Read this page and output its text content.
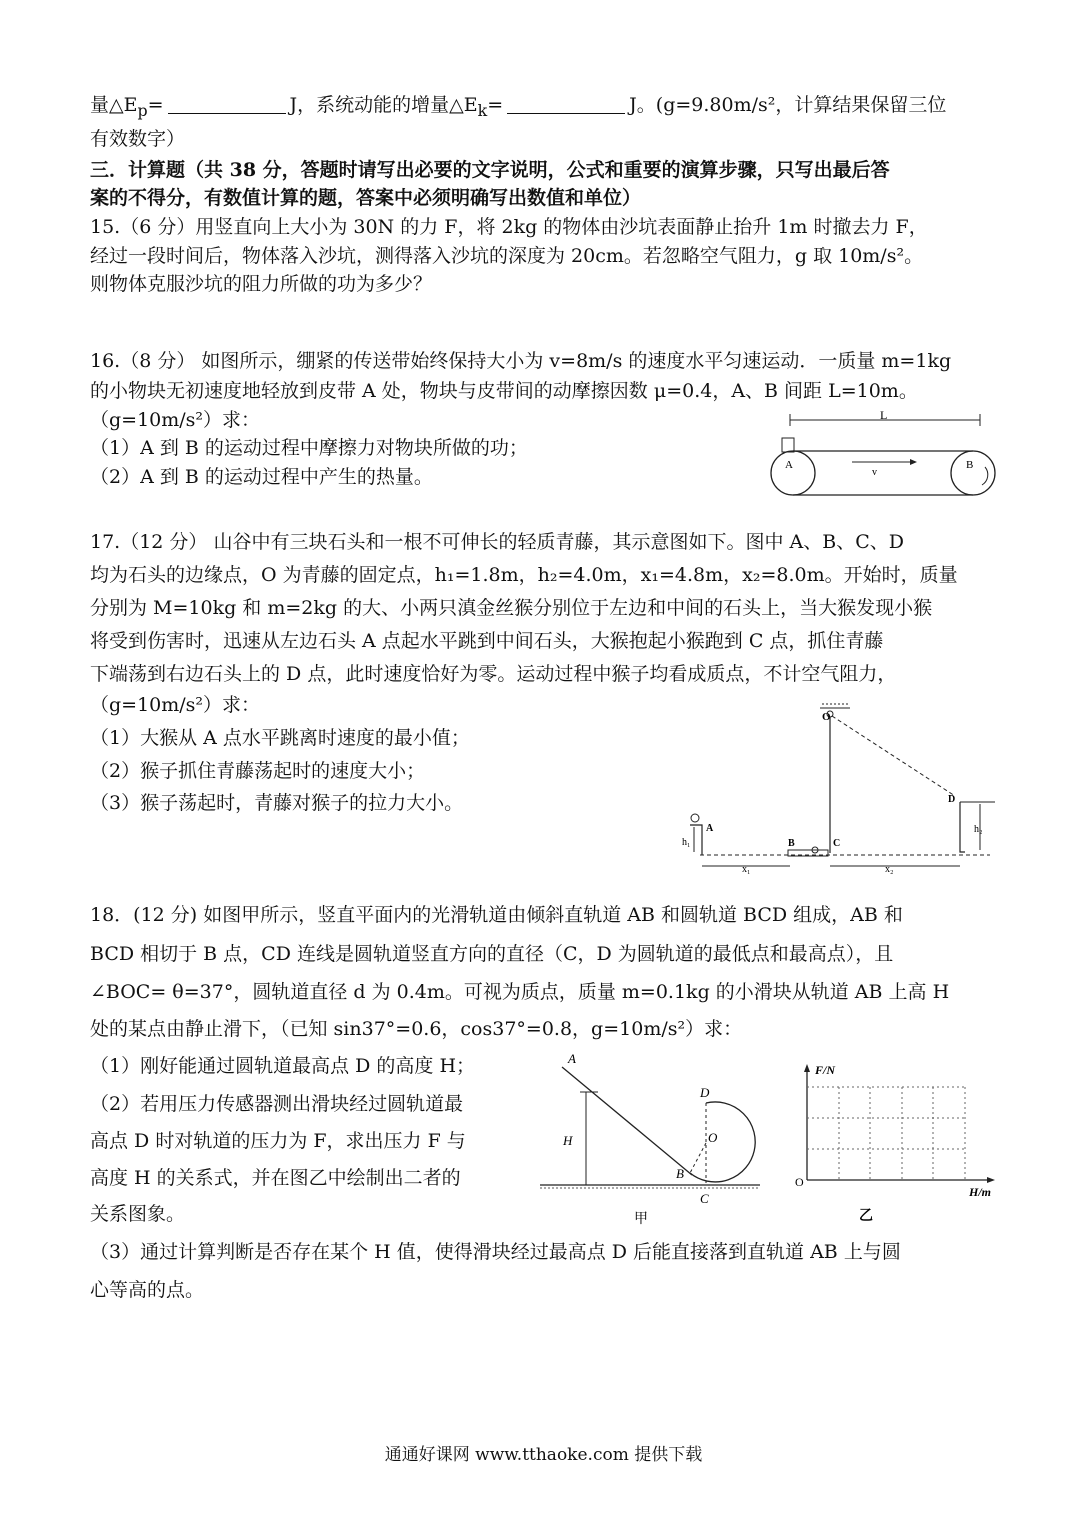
量$\triangle E_p=$	J，系统动能的增量$\triangle E_k=$	J。(g=9.80m/s²，计算结果保留三位
有效数字）
三．计算题（共 38 分，答题时请写出必要的文字说明，公式和重要的演算步骤，只写出最后答
案的不得分，有数值计算的题，答案中必须明确写出数值和单位）
15.（6 分）用竖直向上大小为 30N 的力 F，将 2kg 的物体由沙坑表面静止抬升 1m 时撤去力 F，
经过一段时间后，物体落入沙坑，测得落入沙坑的深度为 20cm。若忽略空气阻力，g 取 10m/s²。
则物体克服沙坑的阻力所做的功为多少？
16.（8 分） 如图所示，绷紧的传送带始终保持大小为 v=8m/s 的速度水平匀速运动．一质量 m=1kg
的小物块无初速度地轻放到皮带 A 处，物块与皮带间的动摩擦因数 μ=0.4，A、B 间距 L=10m。
（g=10m/s²）求：
（1）A 到 B 的运动过程中摩擦力对物块所做的功；
（2）A 到 B 的运动过程中产生的热量。
L
A	B
v
17.（12 分） 山谷中有三块石头和一根不可伸长的轻质青藤，其示意图如下。图中 A、B、C、D
均为石头的边缘点，O 为青藤的固定点，h₁=1.8m，h₂=4.0m，x₁=4.8m，x₂=8.0m。开始时，质量
分别为 M=10kg 和 m=2kg 的大、小两只滇金丝猴分别位于左边和中间的石头上，当大猴发现小猴
将受到伤害时，迅速从左边石头 A 点起水平跳到中间石头，大猴抱起小猴跑到 C 点，抓住青藤
下端荡到右边石头上的 D 点，此时速度恰好为零。运动过程中猴子均看成质点，不计空气阻力，
（g=10m/s²）求：
（1）大猴从 A 点水平跳离时速度的最小值；
（2）猴子抓住青藤荡起时的速度大小；
（3）猴子荡起时，青藤对猴子的拉力大小。
O
D
h₂
A
h₁	B	C
x₁	x₂
18．(12 分) 如图甲所示，竖直平面内的光滑轨道由倾斜直轨道 AB 和圆轨道 BCD 组成，AB 和
BCD 相切于 B 点，CD 连线是圆轨道竖直方向的直径（C，D 为圆轨道的最低点和最高点），且
∠BOC= θ=37°，圆轨道直径 d 为 0.4m。可视为质点，质量 m=0.1kg 的小滑块从轨道 AB 上高 H
处的某点由静止滑下，（已知 sin37°=0.6，cos37°=0.8，g=10m/s²）求：
（1）刚好能通过圆轨道最高点 D 的高度 H；
（2）若用压力传感器测出滑块经过圆轨道最
高点 D 时对轨道的压力为 F，求出压力 F 与
高度 H 的关系式，并在图乙中绘制出二者的
关系图象。
（3）通过计算判断是否存在某个 H 值，使得滑块经过最高点 D 后能直接落到直轨道 AB 上与圆
心等高的点。
A
H
D
O
B
C
甲
F/N
H/m
O
乙
通通好课网 www.tthaoke.com 提供下载
